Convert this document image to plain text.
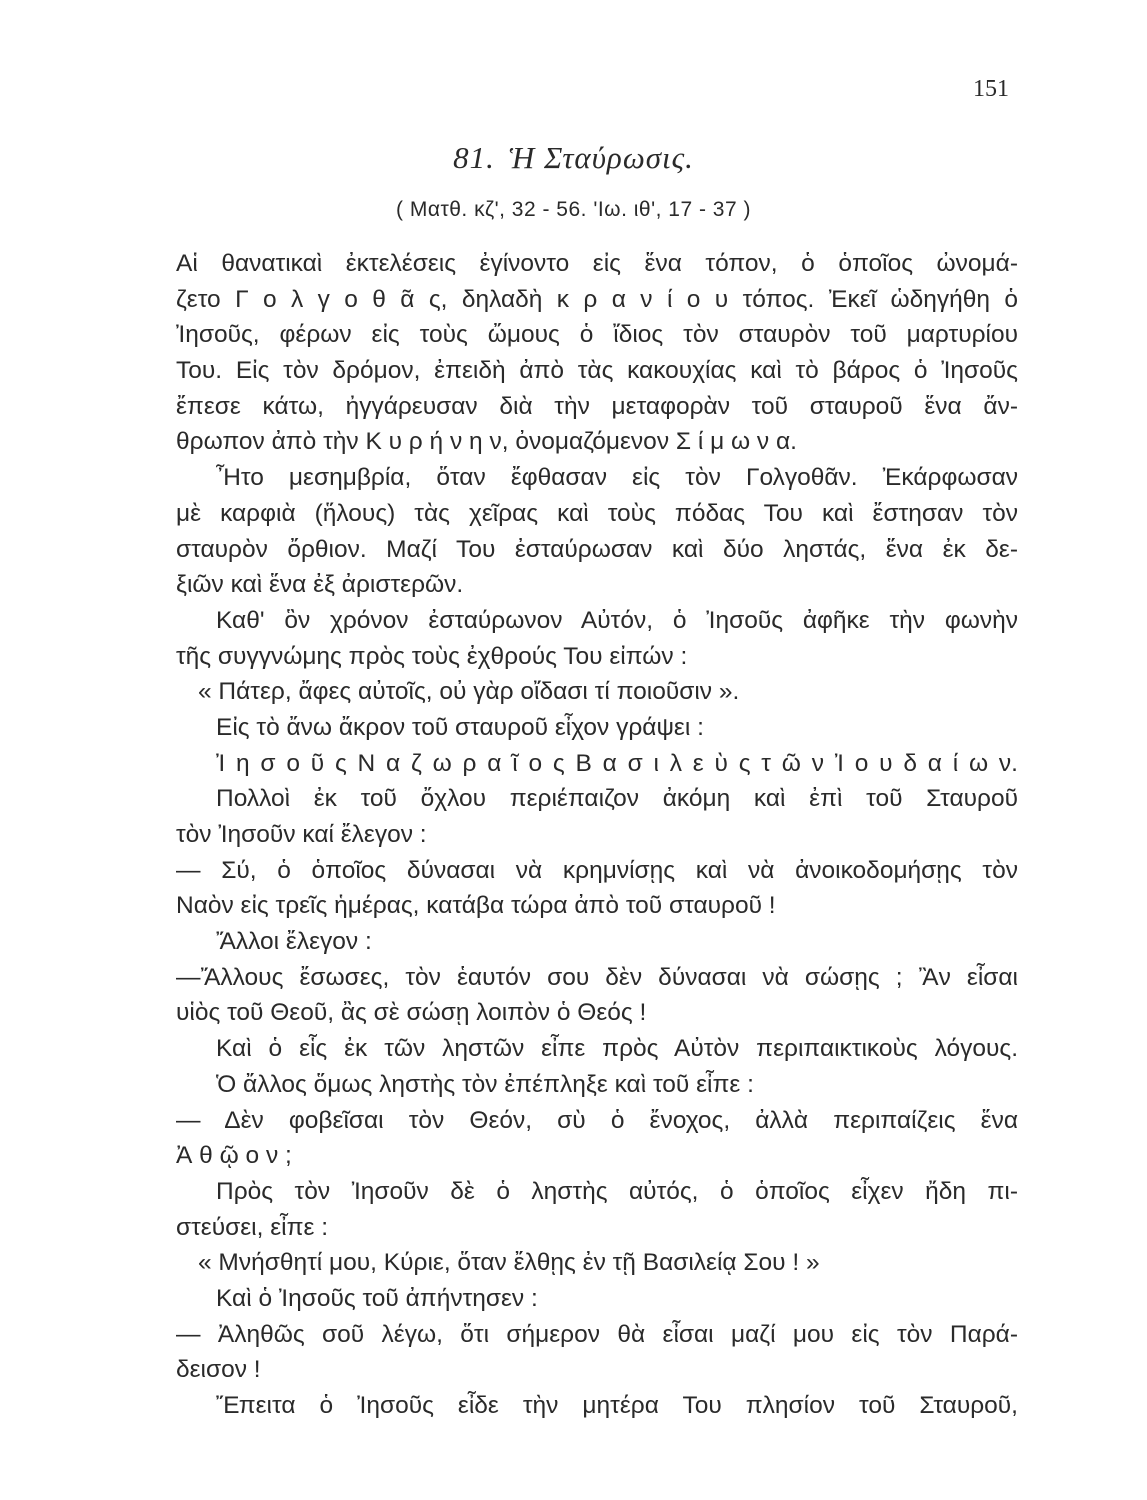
151
81. Ἡ Σταύρωσις.
( Ματθ. κζ', 32 - 56. 'Ιω. ιθ', 17 - 37 )
Αἱ θανατικαὶ ἐκτελέσεις ἐγίνοντο εἰς ἕνα τόπον, ὁ ὁποῖος ὠνομά-
ζετο Γ ο λ γ ο θ ᾶ ς, δηλαδὴ κ ρ α ν ί ο υ τόπος. Ἐκεῖ ὡδηγήθη ὁ
Ἰησοῦς, φέρων εἰς τοὺς ὤμους ὁ ἴδιος τὸν σταυρὸν τοῦ μαρτυρίου
Του. Εἰς τὸν δρόμον, ἐπειδὴ ἀπὸ τὰς κακουχίας καὶ τὸ βάρος ὁ Ἰησοῦς
ἔπεσε κάτω, ἠγγάρευσαν διὰ τὴν μεταφορὰν τοῦ σταυροῦ ἕνα ἄν-
θρωπον ἀπὸ τὴν Κ υ ρ ή ν η ν, ὀνομαζόμενον Σ ί μ ω ν α.
Ἦτο μεσημβρία, ὅταν ἔφθασαν εἰς τὸν Γολγοθᾶν. Ἐκάρφωσαν
μὲ καρφιὰ (ἥλους) τὰς χεῖρας καὶ τοὺς πόδας Του καὶ ἔστησαν τὸν
σταυρὸν ὄρθιον. Μαζί Του ἐσταύρωσαν καὶ δύο ληστάς, ἕνα ἐκ δε-
ξιῶν καὶ ἕνα ἐξ ἀριστερῶν.
Καθ' ὃν χρόνον ἐσταύρωνον Αὐτόν, ὁ Ἰησοῦς ἀφῆκε τὴν φωνὴν
τῆς συγγνώμης πρὸς τοὺς ἐχθρούς Του εἰπών :
« Πάτερ, ἄφες αὐτοῖς, οὐ γὰρ οἴδασι τί ποιοῦσιν ».
Εἰς τὸ ἄνω ἄκρον τοῦ σταυροῦ εἶχον γράψει :
Ἰ η σ ο ῦ ς Ν α ζ ω ρ α ῖ ο ς Β α σ ι λ ε ὺ ς τ ῶ ν Ἰ ο υ δ α ί ω ν.
Πολλοὶ ἐκ τοῦ ὄχλου περιέπαιζον ἀκόμη καὶ ἐπὶ τοῦ Σταυροῦ
τὸν Ἰησοῦν καί ἔλεγον :
— Σύ, ὁ ὁποῖος δύνασαι νὰ κρημνίσῃς καὶ νὰ ἀνοικοδομήσῃς τὸν
Ναὸν εἰς τρεῖς ἡμέρας, κατάβα τώρα ἀπὸ τοῦ σταυροῦ !
Ἄλλοι ἔλεγον :
—Ἄλλους ἔσωσες, τὸν ἑαυτόν σου δὲν δύνασαι νὰ σώσῃς ; Ἂν εἶσαι
υἱὸς τοῦ Θεοῦ, ἂς σὲ σώσῃ λοιπὸν ὁ Θεός !
Καὶ ὁ εἷς ἐκ τῶν ληστῶν εἶπε πρὸς Αὐτὸν περιπαικτικοὺς λόγους.
Ὁ ἄλλος ὅμως ληστὴς τὸν ἐπέπληξε καὶ τοῦ εἶπε :
— Δὲν φοβεῖσαι τὸν Θεόν, σὺ ὁ ἔνοχος, ἀλλὰ περιπαίζεις ἕνα
Ἀ θ ῷ ο ν ;
Πρὸς τὸν Ἰησοῦν δὲ ὁ ληστὴς αὐτός, ὁ ὁποῖος εἶχεν ἤδη πι-
στεύσει, εἶπε :
« Μνήσθητί μου, Κύριε, ὅταν ἔλθῃς ἐν τῇ Βασιλείᾳ Σου ! »
Καὶ ὁ Ἰησοῦς τοῦ ἀπήντησεν :
— Ἀληθῶς σοῦ λέγω, ὅτι σήμερον θὰ εἶσαι μαζί μου εἰς τὸν Παρά-
δεισον !
Ἔπειτα ὁ Ἰησοῦς εἶδε τὴν μητέρα Του πλησίον τοῦ Σταυροῦ,
